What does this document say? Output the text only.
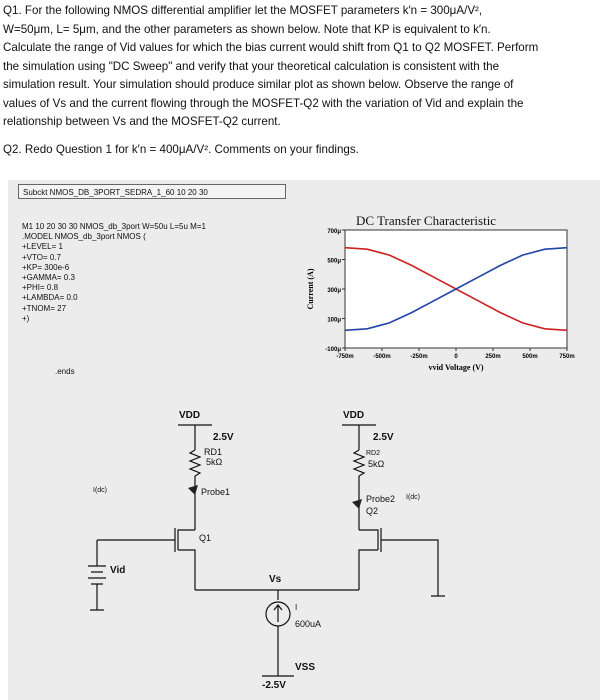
Q1. For the following NMOS differential amplifier let the MOSFET parameters k′n = 300μA/V²,
W=50μm, L= 5μm, and the other parameters as shown below. Note that KP is equivalent to k′n.
Calculate the range of Vid values for which the bias current would shift from Q1 to Q2 MOSFET. Perform
the simulation using "DC Sweep" and verify that your theoretical calculation is consistent with the
simulation result. Your simulation should produce similar plot as shown below. Observe the range of
values of Vs and the current flowing through the MOSFET-Q2 with the variation of Vid and explain the
relationship between Vs and the MOSFET-Q2 current.
Q2. Redo Question 1 for k′n = 400μA/V². Comments on your findings.
Subckt NMOS_DB_3PORT_SEDRA_1_60 10 20 30
M1 10 20 30 30 NMOS_db_3port W=50u L=5u M=1
.MODEL NMOS_db_3port NMOS (
+LEVEL= 1
+VTO= 0.7
+KP= 300e-6
+GAMMA= 0.3
+PHI= 0.8
+LAMBDA= 0.0
+TNOM= 27
+)
.ends
DC Transfer Characteristic
-100μ
100μ
300μ
500μ
700μ
-750m	-500m	-250m	0	250m	500m	750m
vvid Voltage (V)
Current (A)
VDD
2.5V
RD1
5kΩ
I(dc)	Probe1
Q1
Vid
VDD
2.5V
RD2
5kΩ
Probe2 I(dc)
Q2
Vs
I
600uA
VSS
-2.5V
